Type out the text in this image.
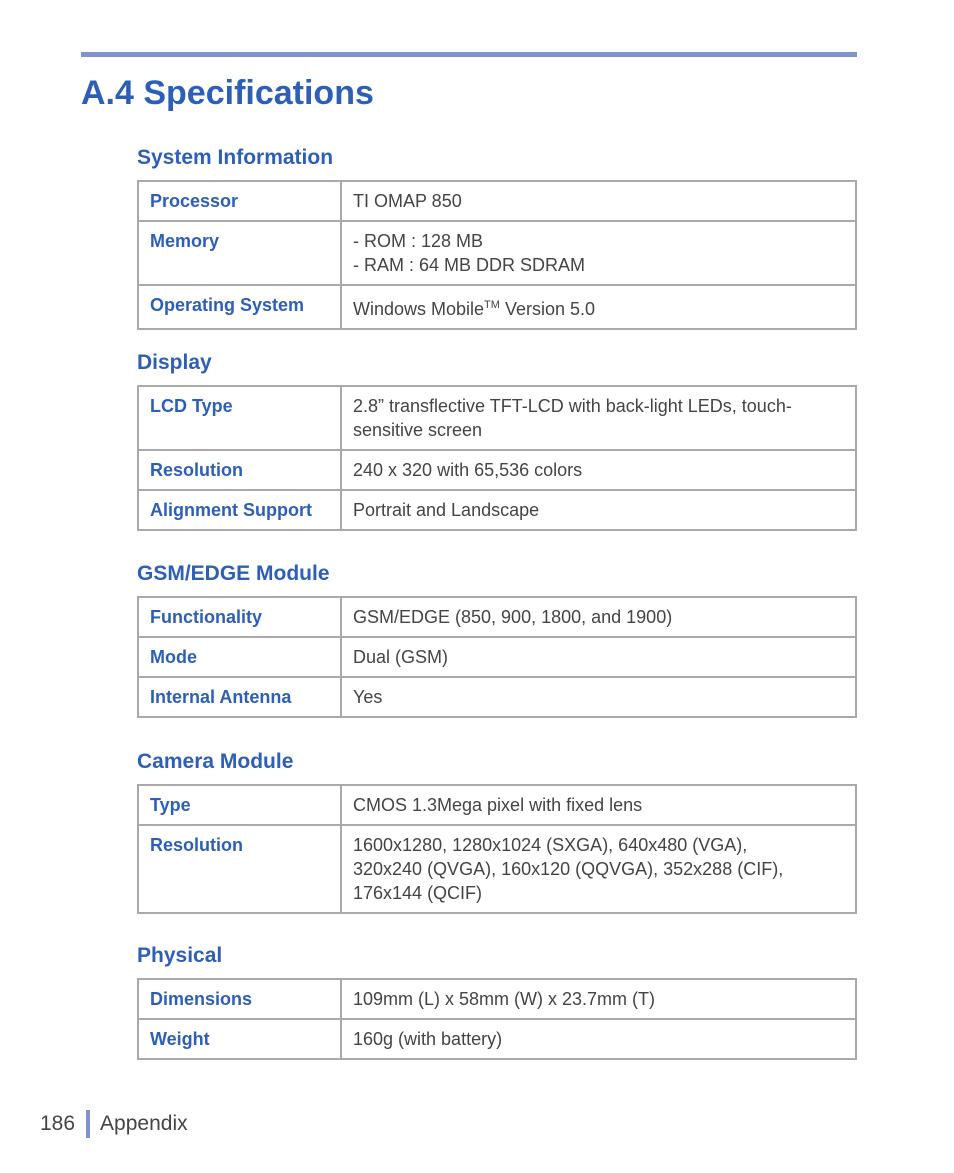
A.4 Specifications
System Information
Processor	TI OMAP 850
Memory	- ROM : 128 MB
- RAM : 64 MB DDR SDRAM
Operating System	Windows Mobile™ Version 5.0
Display
LCD Type	2.8” transflective TFT-LCD with back-light LEDs, touch-
sensitive screen
Resolution	240 x 320 with 65,536 colors
Alignment Support	Portrait and Landscape
GSM/EDGE Module
Functionality	GSM/EDGE (850, 900, 1800, and 1900)
Mode	Dual (GSM)
Internal Antenna	Yes
Camera Module
Type	CMOS 1.3Mega pixel with fixed lens
Resolution	1600x1280, 1280x1024 (SXGA), 640x480 (VGA),
320x240 (QVGA), 160x120 (QQVGA), 352x288 (CIF),
176x144 (QCIF)
Physical
Dimensions	109mm (L) x 58mm (W) x 23.7mm (T)
Weight	160g (with battery)
186 Appendix
